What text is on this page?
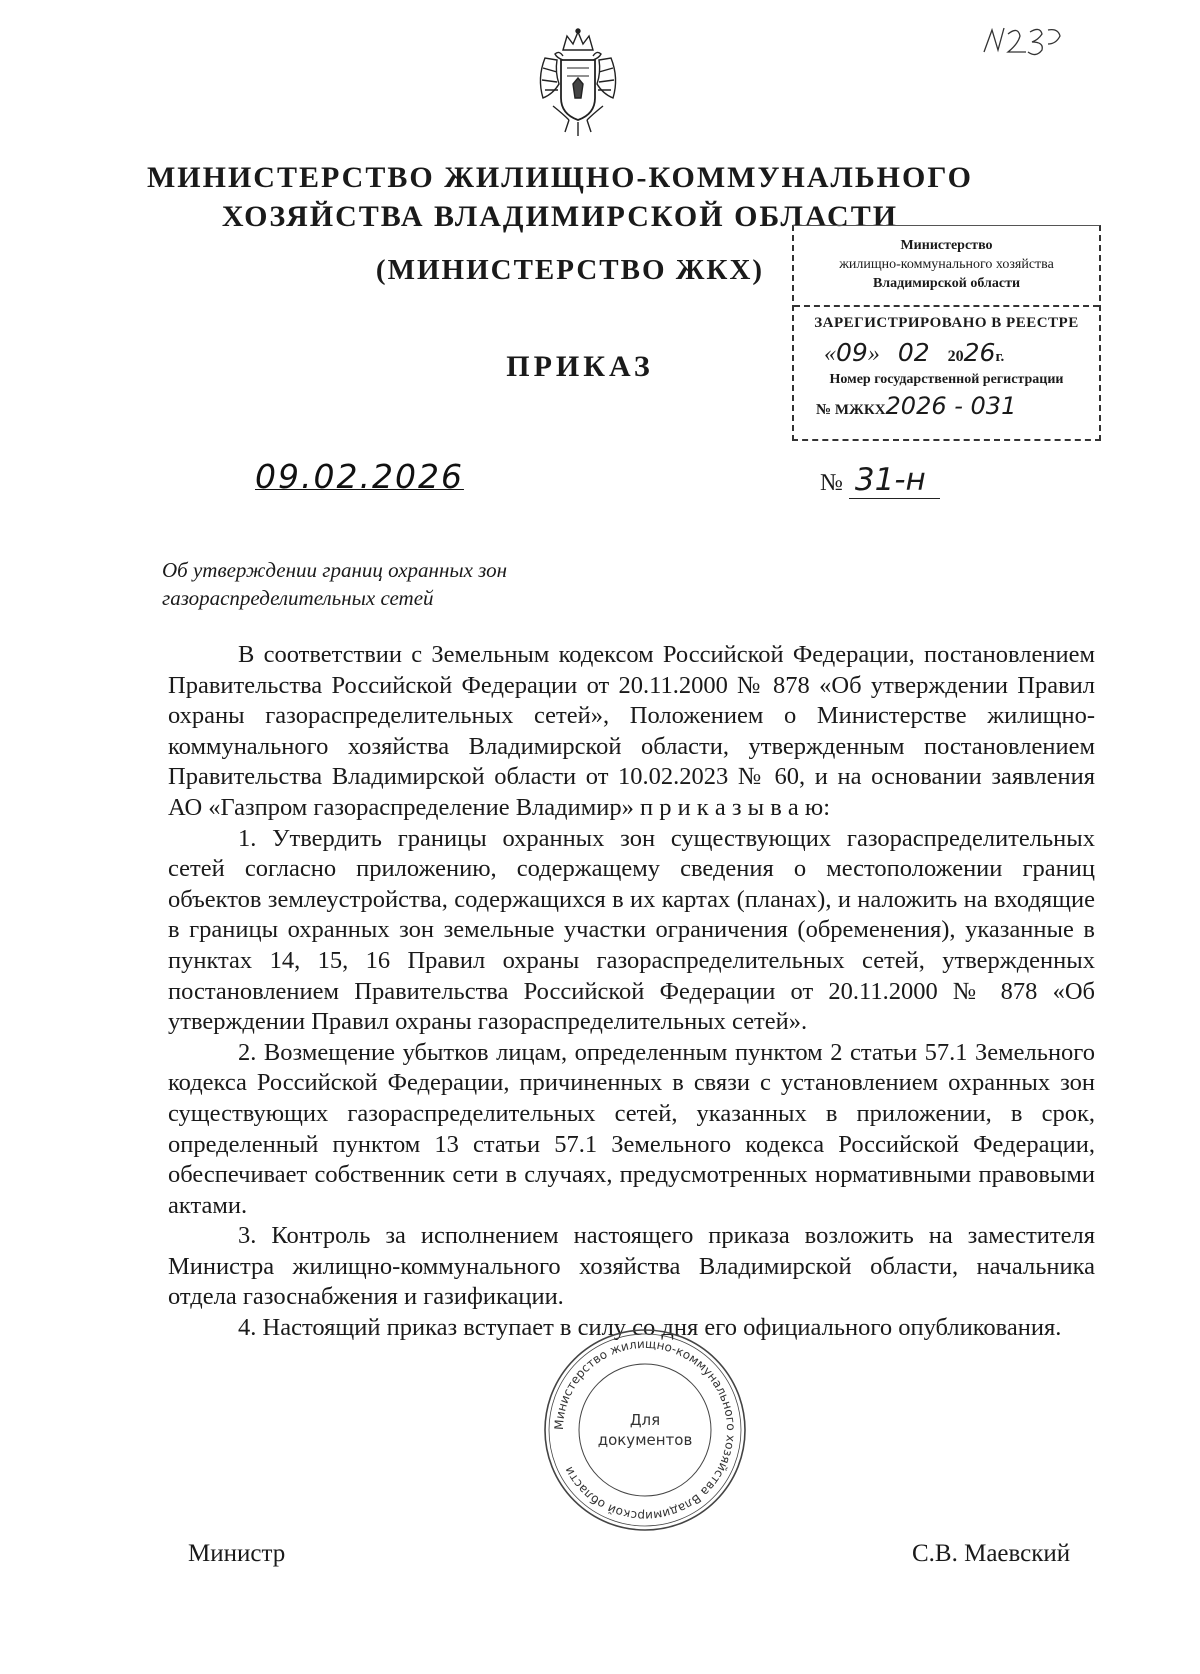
МИНИСТЕРСТВО ЖИЛИЩНО-КОММУНАЛЬНОГО
ХОЗЯЙСТВА ВЛАДИМИРСКОЙ ОБЛАСТИ
(МИНИСТЕРСТВО ЖКХ)
ПРИКАЗ
Министерство
жилищно-коммунального хозяйства
Владимирской области
ЗАРЕГИСТРИРОВАНО В РЕЕСТРЕ
«09» 02 2026г.
Номер государственной регистрации
№ МЖКХ2026 - 031
09.02.2026	№ 31-н
Об утверждении границ охранных зон
газораспределительных сетей

В соответствии с Земельным кодексом Российской Федерации, постановлением Правительства Российской Федерации от 20.11.2000 № 878 «Об утверждении Правил охраны газораспределительных сетей», Положением о Министерстве жилищно-коммунального хозяйства Владимирской области, утвержденным постановлением Правительства Владимирской области от 10.02.2023 № 60, и на основании заявления АО «Газпром газораспределение Владимир» п р и к а з ы в а ю:

1. Утвердить границы охранных зон существующих газораспределительных сетей согласно приложению, содержащему сведения о местоположении границ объектов землеустройства, содержащихся в их картах (планах), и наложить на входящие в границы охранных зон земельные участки ограничения (обременения), указанные в пунктах 14, 15, 16 Правил охраны газораспределительных сетей, утвержденных постановлением Правительства Российской Федерации от 20.11.2000 № 878 «Об утверждении Правил охраны газораспределительных сетей».

2. Возмещение убытков лицам, определенным пунктом 2 статьи 57.1 Земельного кодекса Российской Федерации, причиненных в связи с установлением охранных зон существующих газораспределительных сетей, указанных в приложении, в срок, определенный пунктом 13 статьи 57.1 Земельного кодекса Российской Федерации, обеспечивает собственник сети в случаях, предусмотренных нормативными правовыми актами.

3. Контроль за исполнением настоящего приказа возложить на заместителя Министра жилищно-коммунального хозяйства Владимирской области, начальника отдела газоснабжения и газификации.

4. Настоящий приказ вступает в силу со дня его официального опубликования.

Министерство жилищно-коммунального хозяйства Владимирской области
Для
документов
Министр	С.В. Маевский
